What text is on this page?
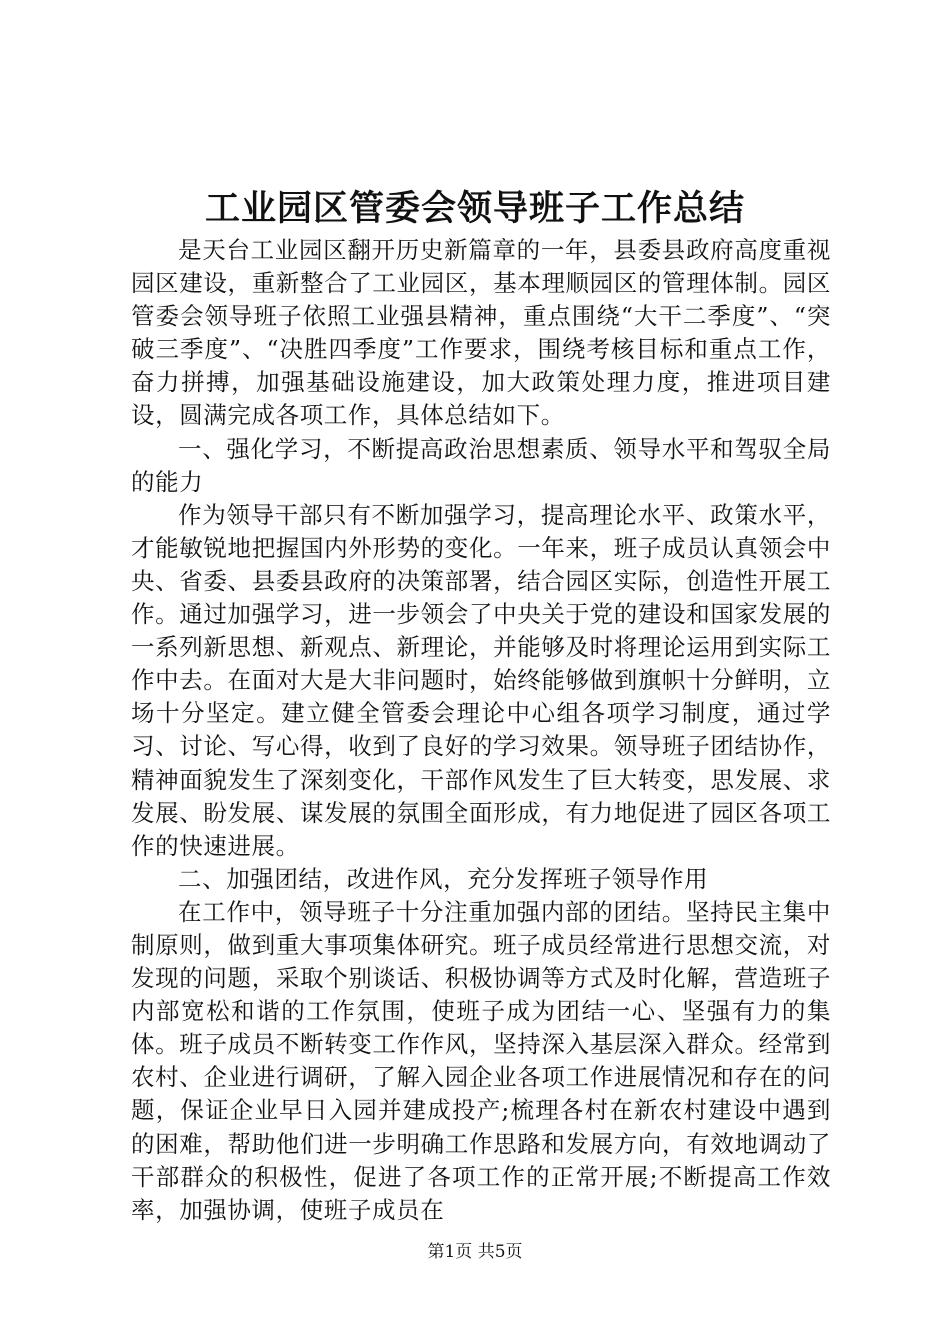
工业园区管委会领导班子工作总结

是天台工业园区翻开历史新篇章的一年，县委县政府高度重视园区建设，重新整合了工业园区，基本理顺园区的管理体制。园区管委会领导班子依照工业强县精神，重点围绕“大干二季度”、“突破三季度”、“决胜四季度”工作要求，围绕考核目标和重点工作，奋力拼搏，加强基础设施建设，加大政策处理力度，推进项目建设，圆满完成各项工作，具体总结如下。

一、强化学习，不断提高政治思想素质、领导水平和驾驭全局的能力

作为领导干部只有不断加强学习，提高理论水平、政策水平，才能敏锐地把握国内外形势的变化。一年来，班子成员认真领会中央、省委、县委县政府的决策部署，结合园区实际，创造性开展工作。通过加强学习，进一步领会了中央关于党的建设和国家发展的一系列新思想、新观点、新理论，并能够及时将理论运用到实际工作中去。在面对大是大非问题时，始终能够做到旗帜十分鲜明，立场十分坚定。建立健全管委会理论中心组各项学习制度，通过学习、讨论、写心得，收到了良好的学习效果。领导班子团结协作，精神面貌发生了深刻变化，干部作风发生了巨大转变，思发展、求发展、盼发展、谋发展的氛围全面形成，有力地促进了园区各项工作的快速进展。

二、加强团结，改进作风，充分发挥班子领导作用

在工作中，领导班子十分注重加强内部的团结。坚持民主集中制原则，做到重大事项集体研究。班子成员经常进行思想交流，对发现的问题，采取个别谈话、积极协调等方式及时化解，营造班子内部宽松和谐的工作氛围，使班子成为团结一心、坚强有力的集体。班子成员不断转变工作作风，坚持深入基层深入群众。经常到农村、企业进行调研，了解入园企业各项工作进展情况和存在的问题，保证企业早日入园并建成投产;梳理各村在新农村建设中遇到的困难，帮助他们进一步明确工作思路和发展方向，有效地调动了干部群众的积极性，促进了各项工作的正常开展;不断提高工作效率，加强协调，使班子成员在

第1页 共5页
